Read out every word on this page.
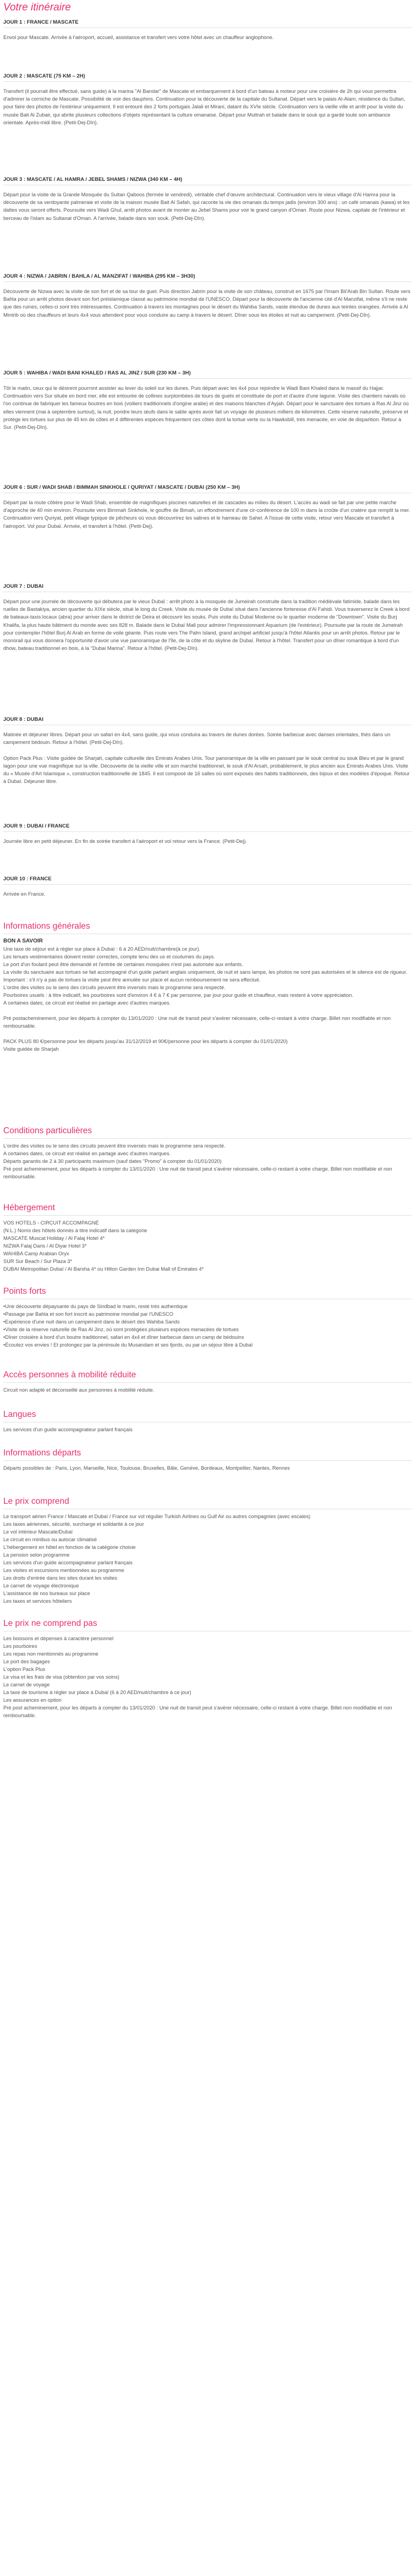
Votre itinéraire
JOUR 1 : FRANCE / MASCATE
Envol pour Mascate. Arrivée à l'aéroport, accueil, assistance et transfert vers votre hôtel avec un chauffeur anglophone.
JOUR 2 : MASCATE (75 KM – 2H)
Transfert (il pourrait être effectué, sans guide) à la marina "Al Bandar" de Mascate et embarquement à bord d'un bateau à moteur pour une croisière de 2h qui vous permettra d'admirer la corniche de Mascate. Possibilité de voir des dauphins. Continuation pour la découverte de la capitale du Sultanat. Départ vers le palais Al-Alam, résidence du Sultan, pour faire des photos de l'extérieur uniquement. Il est entouré des 2 forts portugais Jalali et Mirani, datant du XVIe siècle. Continuation vers la vieille ville et arrêt pour la visite du musée Bait Al Zubair, qui abrite plusieurs collections d'objets représentant la culture omanaise. Départ pour Muttrah et balade dans le souk qui a gardé toute son ambiance orientale. Après-midi libre. (Petit-Dej-Dîn).
JOUR 3 : MASCATE / AL HAMRA / JEBEL SHAMS / NIZWA (340 KM – 4H)
Départ pour la visite de la Grande Mosquée du Sultan Qaboos (fermée le vendredi), véritable chef d'œuvre architectural. Continuation vers le vieux village d'Al Hamra pour la découverte de sa verdoyante palmeraie et visite de la maison musée Bait Al Safah, qui raconte la vie des omanais du temps jadis (environ 300 ans) : un café omanais (kawa) et les dattes vous seront offerts. Poursuite vers Wadi Ghul, arrêt photos avant de monter au Jebel Shams pour voir le grand canyon d'Oman. Route pour Nizwa, capitale de l'intérieur et berceau de l'islam au Sultanat d'Oman. A l'arrivée, balade dans son souk. (Petit-Dej-Dîn).
JOUR 4 : NIZWA / JABRIN / BAHLA / AL MANZIFAT / WAHIBA (295 KM – 3H30)
Découverte de Nizwa avec la visite de son fort et de sa tour de guet. Puis direction Jabrin pour la visite de son château, construit en 1675 par l'Imam Bil'Arab Bin Sultan. Route vers Bahla pour un arrêt photos devant son fort préislamique classé au patrimoine mondial de l'UNESCO. Départ pour la découverte de l'ancienne cité d'Al Manzifat, même s'il ne reste que des ruines, celles-ci sont très intéressantes. Continuation à travers les montagnes pour le désert du Wahiba Sands, vaste étendue de dunes aux teintes orangées. Arrivée à Al Mintrib où des chauffeurs et leurs 4x4 vous attendent pour vous conduire au camp à travers le désert. Dîner sous les étoiles et nuit au campement. (Petit-Dej-Dîn).
JOUR 5 : WAHIBA / WADI BANI KHALED / RAS AL JINZ / SUR (230 KM – 3H)
Tôt le matin, ceux qui le désirent pourront assister au lever du soleil sur les dunes. Puis départ avec les 4x4 pour rejoindre le Wadi Bani Khaled dans le massif du Hajjar. Continuation vers Sur située en bord mer, elle est entourée de collines surplombées de tours de guets et constituée de port et d'autre d'une lagune. Visite des chantiers navals où l'on continue de fabriquer les fameux boutres en bois (voiliers traditionnels d'origine arabe) et des maisons blanches d'Ayjah. Départ pour le sanctuaire des tortues à Ras Al Jinz où elles viennent (mai à septembre surtout), la nuit, pondre leurs œufs dans le sable après avoir fait un voyage de plusieurs milliers de kilomètres. Cette réserve naturelle, préserve et protège les tortues sur plus de 45 km de côtes et 4 différentes espèces fréquentent ces côtes dont la tortue verte ou la Hawksbill, très menacée, en voie de disparition. Retour à Sur. (Petit-Dej-Dîn).
JOUR 6 : SUR / WADI SHAB / BIMMAH SINKHOLE / QURIYAT / MASCATE / DUBAI (250 KM – 3H)
Départ par la route côtière pour le Wadi Shab, ensemble de magnifiques piscines naturelles et de cascades au milieu du désert. L'accès au wadi se fait par une petite marche d'approche de 40 min environ. Poursuite vers Bimmah Sinkhole, le gouffre de Bimah, un effondrement d'une cir-conférence de 100 m dans la croûte d'un cratère que remplit la mer. Continuation vers Quriyat, petit village typique de pêcheurs où vous découvrirez les salines et le hameau de Sahel. A l'issue de cette visite, retour vers Mascate et transfert à l'aéroport. Vol pour Dubaï. Arrivée, et transfert à l'hôtel. (Petit-Dej).
JOUR 7 : DUBAI
Départ pour une journée de découverte qui débutera par le vieux Dubaï : arrêt photo à la mosquée de Jumeirah construite dans la tradition médiévale fatimide, balade dans les ruelles de Bastakiya, ancien quartier du XIXe siècle, situé le long du Creek. Visite du musée de Dubaï situé dans l'ancienne forteresse d'Al Fahidi. Vous traverserez le Creek à bord de bateaux-taxis locaux (abra) pour arriver dans le district de Deira et découvrir les souks. Puis visite du Dubaï Moderne ou le quartier moderne de "Downtown". Visite du Burj Khalifa, la plus haute bâtiment du monde avec ses 828 m. Balade dans le Dubaï Mall pour admirer l'impressionnant Aquarium (de l'extérieur). Poursuite par la route de Jumeirah pour contempler l'hôtel Burj Al Arab en forme de voile géante. Puis route vers The Palm Island, grand archipel artificiel jusqu'à l'hôtel Atlantis pour un arrêt photos. Retour par le monorail qui vous donnera l'opportunité d'avoir une vue panoramique de l'île, de la côte et du skyline de Dubaï. Retour à l'hôtel. Transfert pour un dîner romantique à bord d'un dhow, bateau traditionnel en bois, à la "Dubai Marina". Retour à l'hôtel. (Petit-Dej-Dîn).
JOUR 8 : DUBAI
Matinée et déjeuner libres. Départ pour un safari en 4x4, sans guide, qui vous conduira au travers de dunes dorées. Soirée barbecue avec danses orientales, thés dans un campement bédouin. Retour à l'hôtel. (Petit-Dej-Dîn).

Option Pack Plus : Visite guidée de Sharjah, capitale culturelle des Emirats Arabes Unis. Tour panoramique de la ville en passant par le souk central ou souk Bleu et par le grand lagon pour une vue magnifique sur la ville. Découverte de la vieille ville et son marché traditionnel, le souk d'Al Arsah, probablement, le plus ancien aux Emirats Arabes Unis. Visite du « Musée d'Art Islamique », construction traditionnelle de 1845. Il est composé de 16 salles où sont exposés des habits traditionnels, des bijoux et des modèles d'époque. Retour à Dubaï. Déjeuner libre.
JOUR 9 : DUBAI / FRANCE
Journée libre en petit déjeuner. En fin de soirée transfert à l'aéroport et vol retour vers la France. (Petit-Dej).
JOUR 10 : FRANCE
Arrivée en France.
Informations générales
BON A SAVOIR
Une taxe de séjour est à régler sur place à Dubaï : 6 à 20 AED/nuit/chambre(à ce jour).
Les tenues vestimentaires doivent rester correctes, compte tenu des us et coutumes du pays.
Le port d'un foulard peut être demandé et l'entrée de certaines mosquées n'est pas autorisée aux enfants.
La visite du sanctuaire aux tortues se fait accompagné d'un guide parlant anglais uniquement, de nuit et sans lampe, les photos ne sont pas autorisées et le silence est de rigueur. Important : s'il n'y a pas de tortues la visite peut être annulée sur place et aucun remboursement ne sera effectué.
L'ordre des visites ou le sens des circuits peuvent être inversés mais le programme sera respecté.
Pourboires usuels : à titre indicatif, les pourboires sont d'environ 4 € à 7 € par personne, par jour pour guide et chauffeur, mais restent à votre appréciation.
A certaines dates, ce circuit est réalisé en partage avec d'autres marques.

Pré postacheminement, pour les départs à compter du 13/01/2020 : Une nuit de transit peut s'avérer nécessaire, celle-ci restant à votre charge. Billet non modifiable et non remboursable.

PACK PLUS 80 €/personne pour les départs jusqu'au 31/12/2019 et 90€/personne pour les départs à compter du 01/01/2020)
Visite guidée de Sharjah
Conditions particulières
L'ordre des visites ou le sens des circuits peuvent être inversés mais le programme sera respecté.
A certaines dates, ce circuit est réalisé en partage avec d'autres marques.
Départs garantis de 2 à 30 participants maximum (sauf dates "Promo" à compter du 01/01/2020)
Pré post acheminement, pour les départs à compter du 13/01/2020 : Une nuit de transit peut s'avérer nécessaire, celle-ci restant à votre charge. Billet non modifiable et non remboursable.
Hébergement
VOS HOTELS - CIRCUIT ACCOMPAGNÉ
(N.L.) Noms des hôtels donnés à titre indicatif dans la catégorie
MASCATE Muscat Holiday / Al Falaj Hotel 4*
NIZWA Falaj Daris / Al Diyar Hotel 3*
WAHIBA Camp Arabian Oryx
SUR Sur Beach / Sur Plaza 3*
DUBAI Metropolitan Dubaï / Al Barsha 4* ou Hilton Garden Inn Dubai Mall of Emirates 4*
Points forts
•Une découverte dépaysante du pays de Sindbad le marin, resté très authentique
•Passage par Bahla et son fort inscrit au patrimoine mondial par l'UNESCO
•Expérience d'une nuit dans un campement dans le désert des Wahiba Sands
•Visite de la réserve naturelle de Ras Al Jinz, où sont protégées plusieurs espèces menacées de tortues
•Dîner croisière à bord d'un boutre traditionnel, safari en 4x4 et dîner barbecue dans un camp de bédouins
•Écoutez vos envies ! Et prolongez par la péninsule du Musandam et ses fjords, ou par un séjour libre à Dubaï
Accès personnes à mobilité réduite
Circuit non adapté et déconseillé aux personnes à mobilité réduite.
Langues
Les services d'un guide accompagnateur parlant français
Informations départs
Départs possibles de : Paris, Lyon, Marseille, Nice, Toulouse, Bruxelles, Bâle, Genève, Bordeaux, Montpellier, Nantes, Rennes
Le prix comprend
Le transport aérien France / Mascate et Dubaï / France sur vol régulier Turkish Airlines ou Gulf Air ou autres compagnies (avec escales)
Les taxes aériennes, sécurité, surcharge et solidarité à ce jour
Le vol intérieur Mascate/Dubaï
Le circuit en minibus ou autocar climatisé
L'hébergement en hôtel en fonction de la catégorie choisie
La pension selon programme
Les services d'un guide accompagnateur parlant français
Les visites et excursions mentionnées au programme
Les droits d'entrée dans les sites durant les visites
Le carnet de voyage électronique
L'assistance de nos bureaux sur place
Les taxes et services hôteliers
Le prix ne comprend pas
Les boissons et dépenses à caractère personnel
Les pourboires
Les repas non mentionnés au programme
Le port des bagages
L'option Pack Plus
Le visa et les frais de visa (obtention par vos soins)
Le carnet de voyage
La taxe de tourisme à régler sur place à Dubaï (6 à 20 AED/nuit/chambre à ce jour)
Les assurances en option
Pré post acheminement, pour les départs à compter du 13/01/2020 : Une nuit de transit peut s'avérer nécessaire, celle-ci restant à votre charge. Billet non modifiable et non remboursable.
